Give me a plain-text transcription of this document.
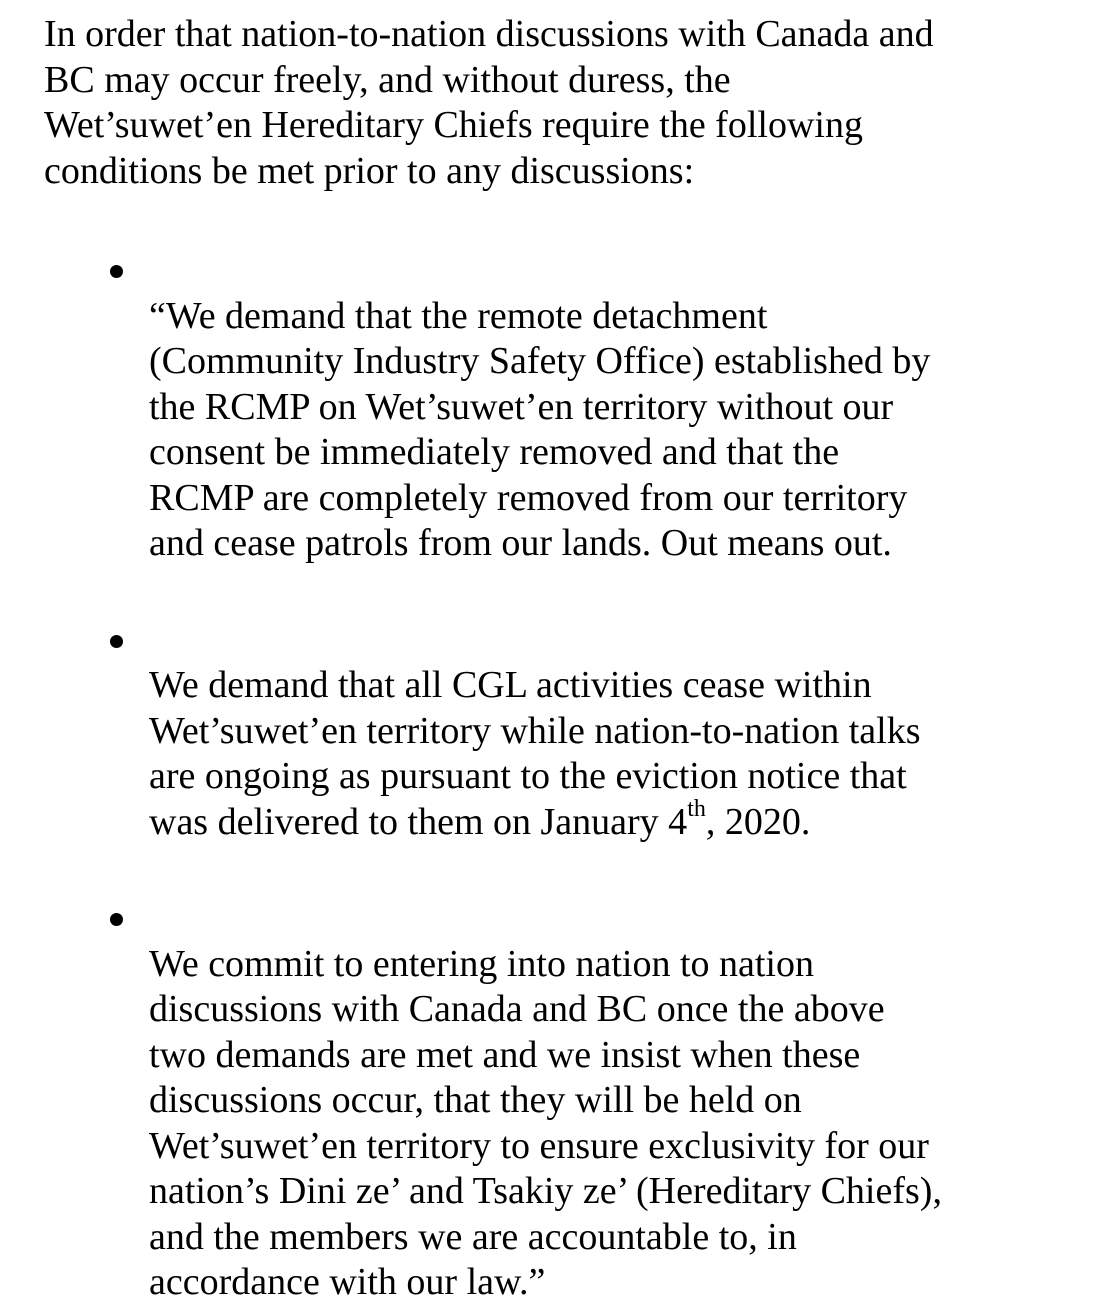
In order that nation-to-nation discussions with Canada and
BC may occur freely, and without duress, the
Wet’suwet’en Hereditary Chiefs require the following
conditions be met prior to any discussions:

“We demand that the remote detachment
(Community Industry Safety Office) established by
the RCMP on Wet’suwet’en territory without our
consent be immediately removed and that the
RCMP are completely removed from our territory
and cease patrols from our lands. Out means out.

We demand that all CGL activities cease within
Wet’suwet’en territory while nation-to-nation talks
are ongoing as pursuant to the eviction notice that
was delivered to them on January 4th, 2020.

We commit to entering into nation to nation
discussions with Canada and BC once the above
two demands are met and we insist when these
discussions occur, that they will be held on
Wet’suwet’en territory to ensure exclusivity for our
nation’s Dini ze’ and Tsakiy ze’ (Hereditary Chiefs),
and the members we are accountable to, in
accordance with our law.”
